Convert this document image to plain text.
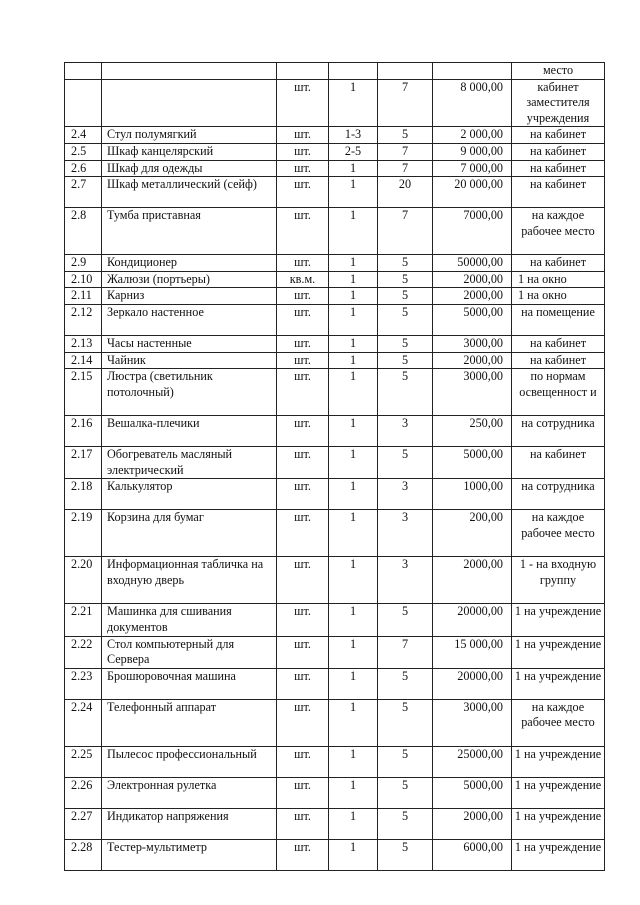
						место
		шт.	1	7	8 000,00	кабинет заместителя учреждения
2.4	Стул полумягкий	шт.	1-3	5	2 000,00	на кабинет
2.5	Шкаф канцелярский	шт.	2-5	7	9 000,00	на кабинет
2.6	Шкаф для одежды	шт.	1	7	7 000,00	на кабинет
2.7	Шкаф металлический (сейф)	шт.	1	20	20 000,00	на кабинет
2.8	Тумба приставная	шт.	1	7	7000,00	на каждое рабочее место
2.9	Кондиционер	шт.	1	5	50000,00	на кабинет
2.10	Жалюзи (портьеры)	кв.м.	1	5	2000,00	1 на окно
2.11	Карниз	шт.	1	5	2000,00	1 на окно
2.12	Зеркало настенное	шт.	1	5	5000,00	на помещение
2.13	Часы настенные	шт.	1	5	3000,00	на кабинет
2.14	Чайник	шт.	1	5	2000,00	на кабинет
2.15	Люстра (светильник потолочный)	шт.	1	5	3000,00	по нормам освещенност и
2.16	Вешалка-плечики	шт.	1	3	250,00	на сотрудника
2.17	Обогреватель масляный электрический	шт.	1	5	5000,00	на кабинет
2.18	Калькулятор	шт.	1	3	1000,00	на сотрудника
2.19	Корзина для бумаг	шт.	1	3	200,00	на каждое рабочее место
2.20	Информационная табличка на входную дверь	шт.	1	3	2000,00	1 - на входную группу
2.21	Машинка для сшивания документов	шт.	1	5	20000,00	1 на учреждение
2.22	Стол компьютерный для Сервера	шт.	1	7	15 000,00	1 на учреждение
2.23	Брошюровочная машина	шт.	1	5	20000,00	1 на учреждение
2.24	Телефонный аппарат	шт.	1	5	3000,00	на каждое рабочее место
2.25	Пылесос профессиональный	шт.	1	5	25000,00	1 на учреждение
2.26	Электронная рулетка	шт.	1	5	5000,00	1 на учреждение
2.27	Индикатор напряжения	шт.	1	5	2000,00	1 на учреждение
2.28	Тестер-мультиметр	шт.	1	5	6000,00	1 на учреждение
